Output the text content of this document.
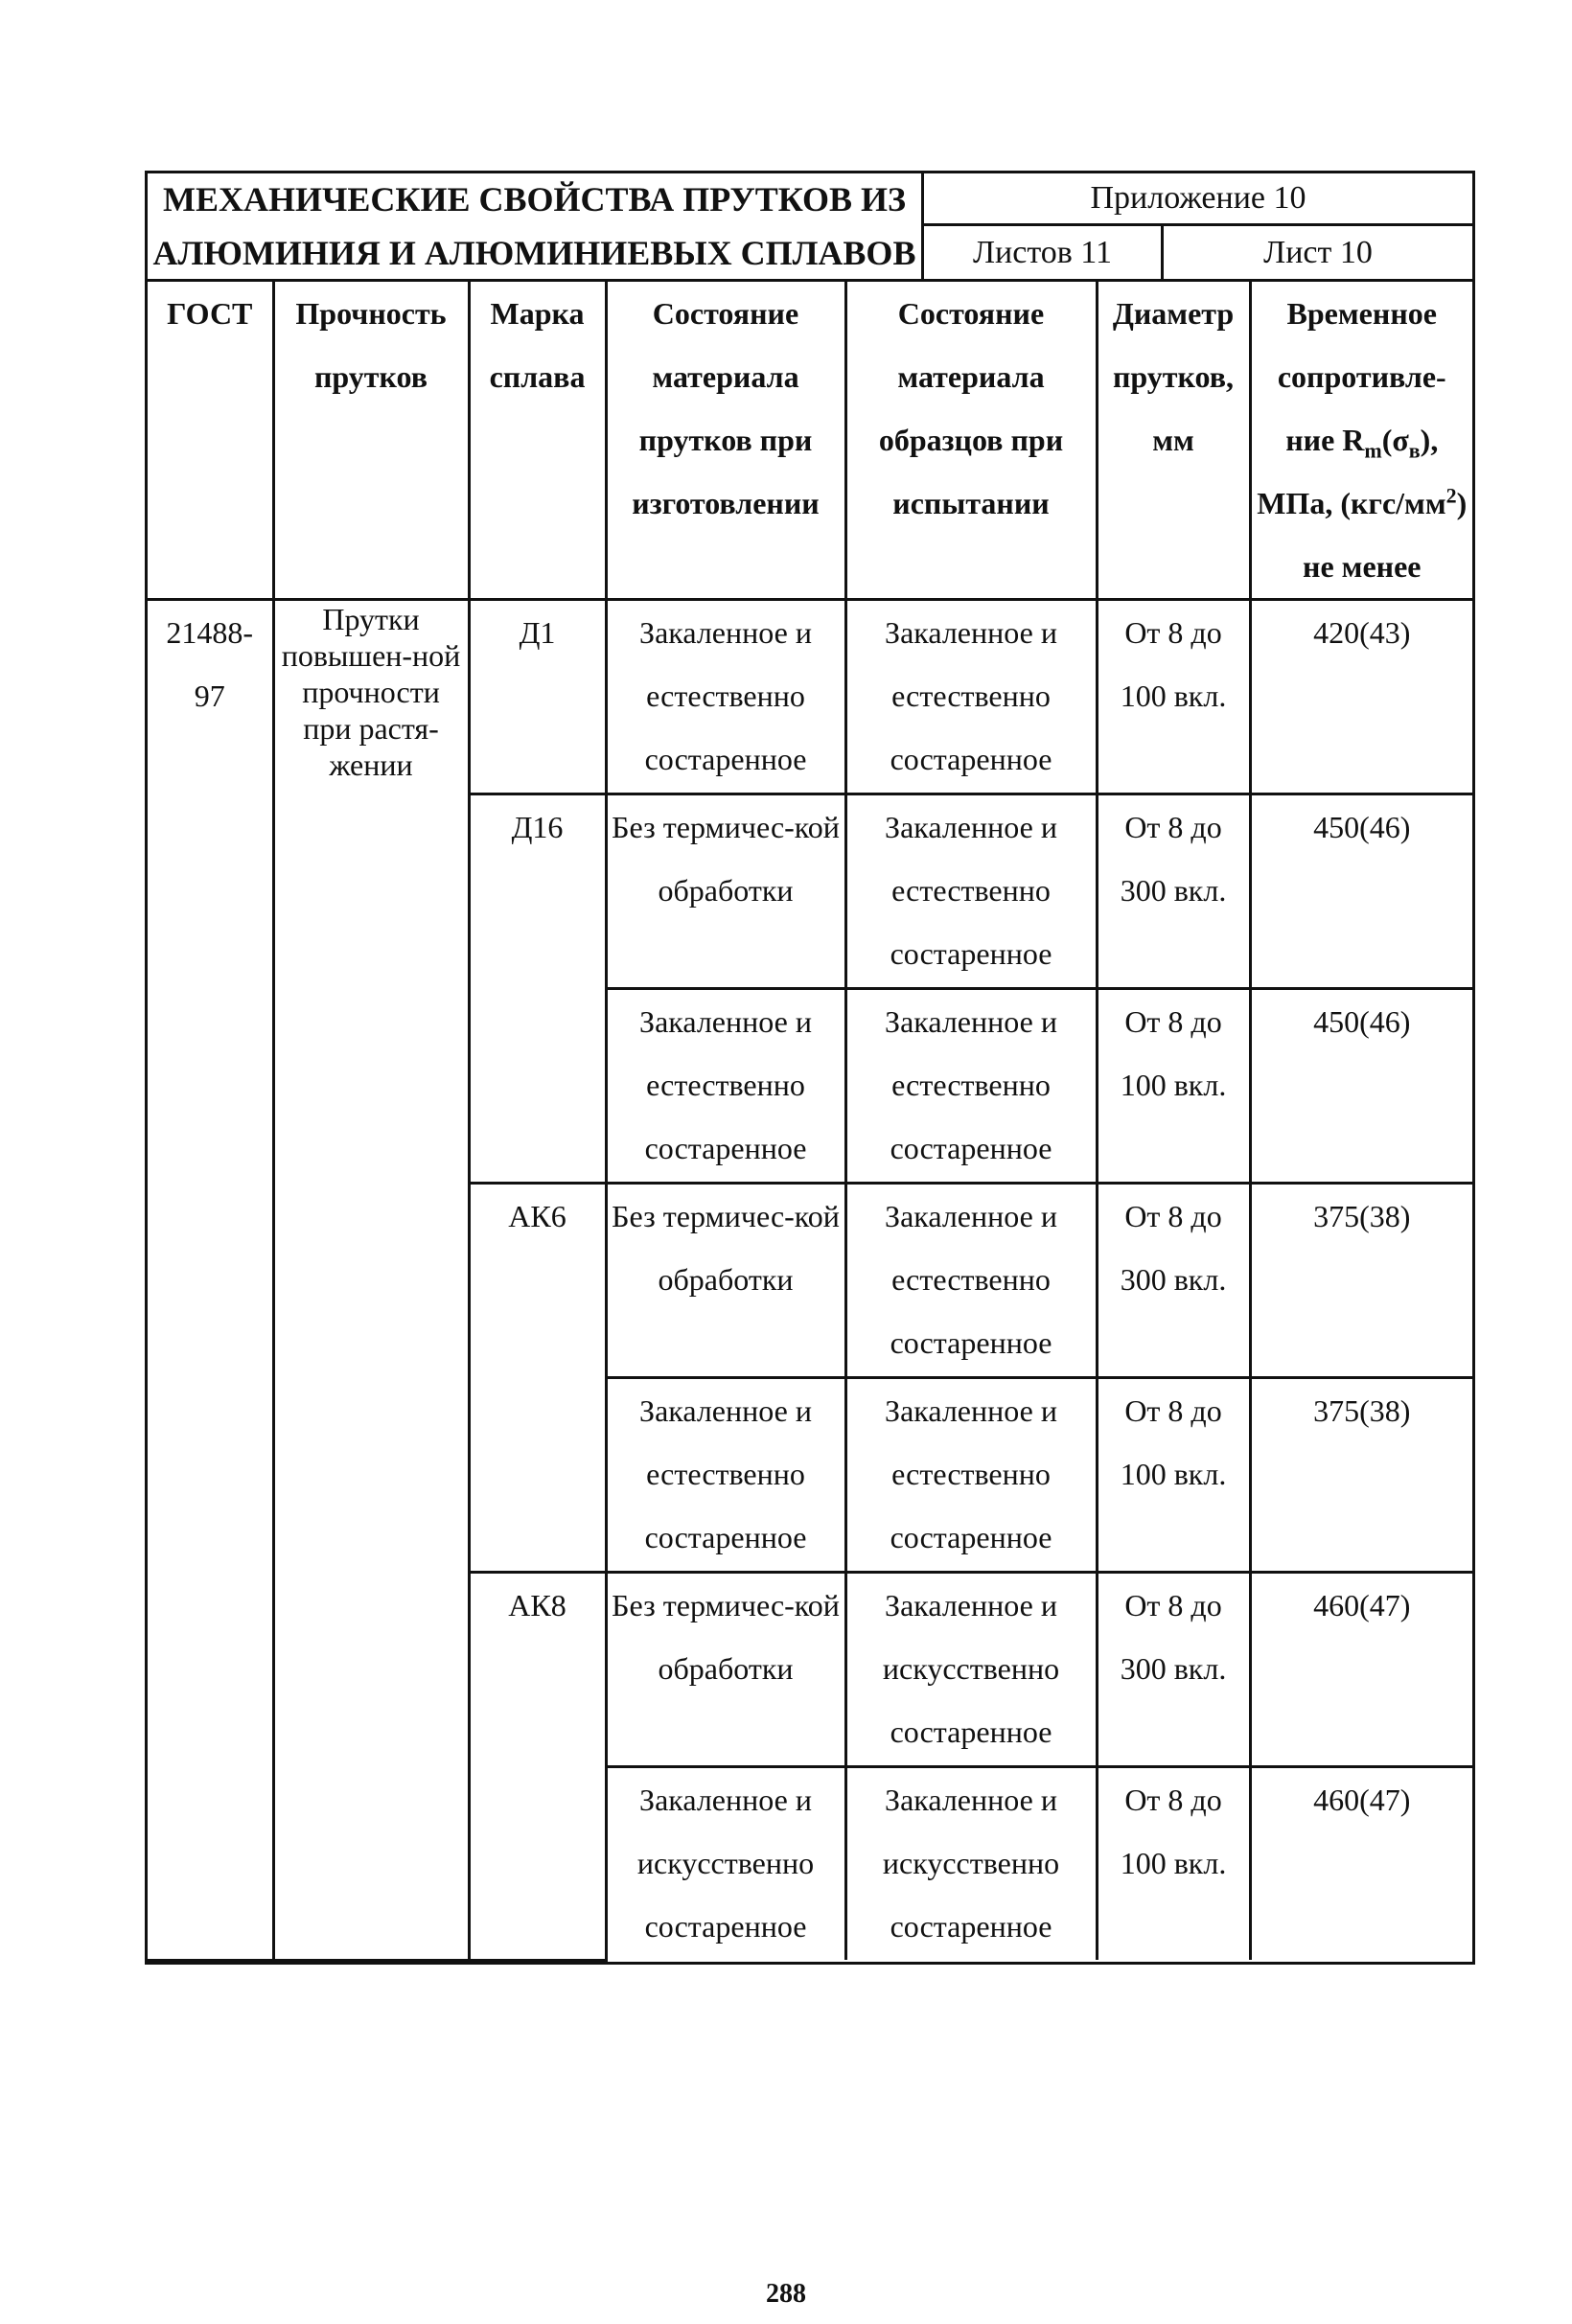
МЕХАНИЧЕСКИЕ СВОЙСТВА ПРУТКОВ ИЗ
АЛЮМИНИЯ И АЛЮМИНИЕВЫХ СПЛАВОВ
Приложение 10
Листов 11	Лист 10
ГОСТ	Прочность прутков	Марка сплава	Состояние материала прутков при изготовлении	Состояние материала образцов при испытании	Диаметр прутков, мм	Временное сопротивле-ние $R_m(\sigma_в)$, МПа, $(кгс/мм^2)$ не менее
21488-97	Прутки повышен-ной прочности при растя-жении	Д1	Закаленное и естественно состаренное	Закаленное и естественно состаренное	От 8 до 100 вкл.	420(43)
		Д16	Без термичес-кой обработки	Закаленное и естественно состаренное	От 8 до 300 вкл.	450(46)
			Закаленное и естественно состаренное	Закаленное и естественно состаренное	От 8 до 100 вкл.	450(46)
		АК6	Без термичес-кой обработки	Закаленное и естественно состаренное	От 8 до 300 вкл.	375(38)
			Закаленное и естественно состаренное	Закаленное и естественно состаренное	От 8 до 100 вкл.	375(38)
		АК8	Без термичес-кой обработки	Закаленное и искусственно состаренное	От 8 до 300 вкл.	460(47)
			Закаленное и искусственно состаренное	Закаленное и искусственно состаренное	От 8 до 100 вкл.	460(47)
288
